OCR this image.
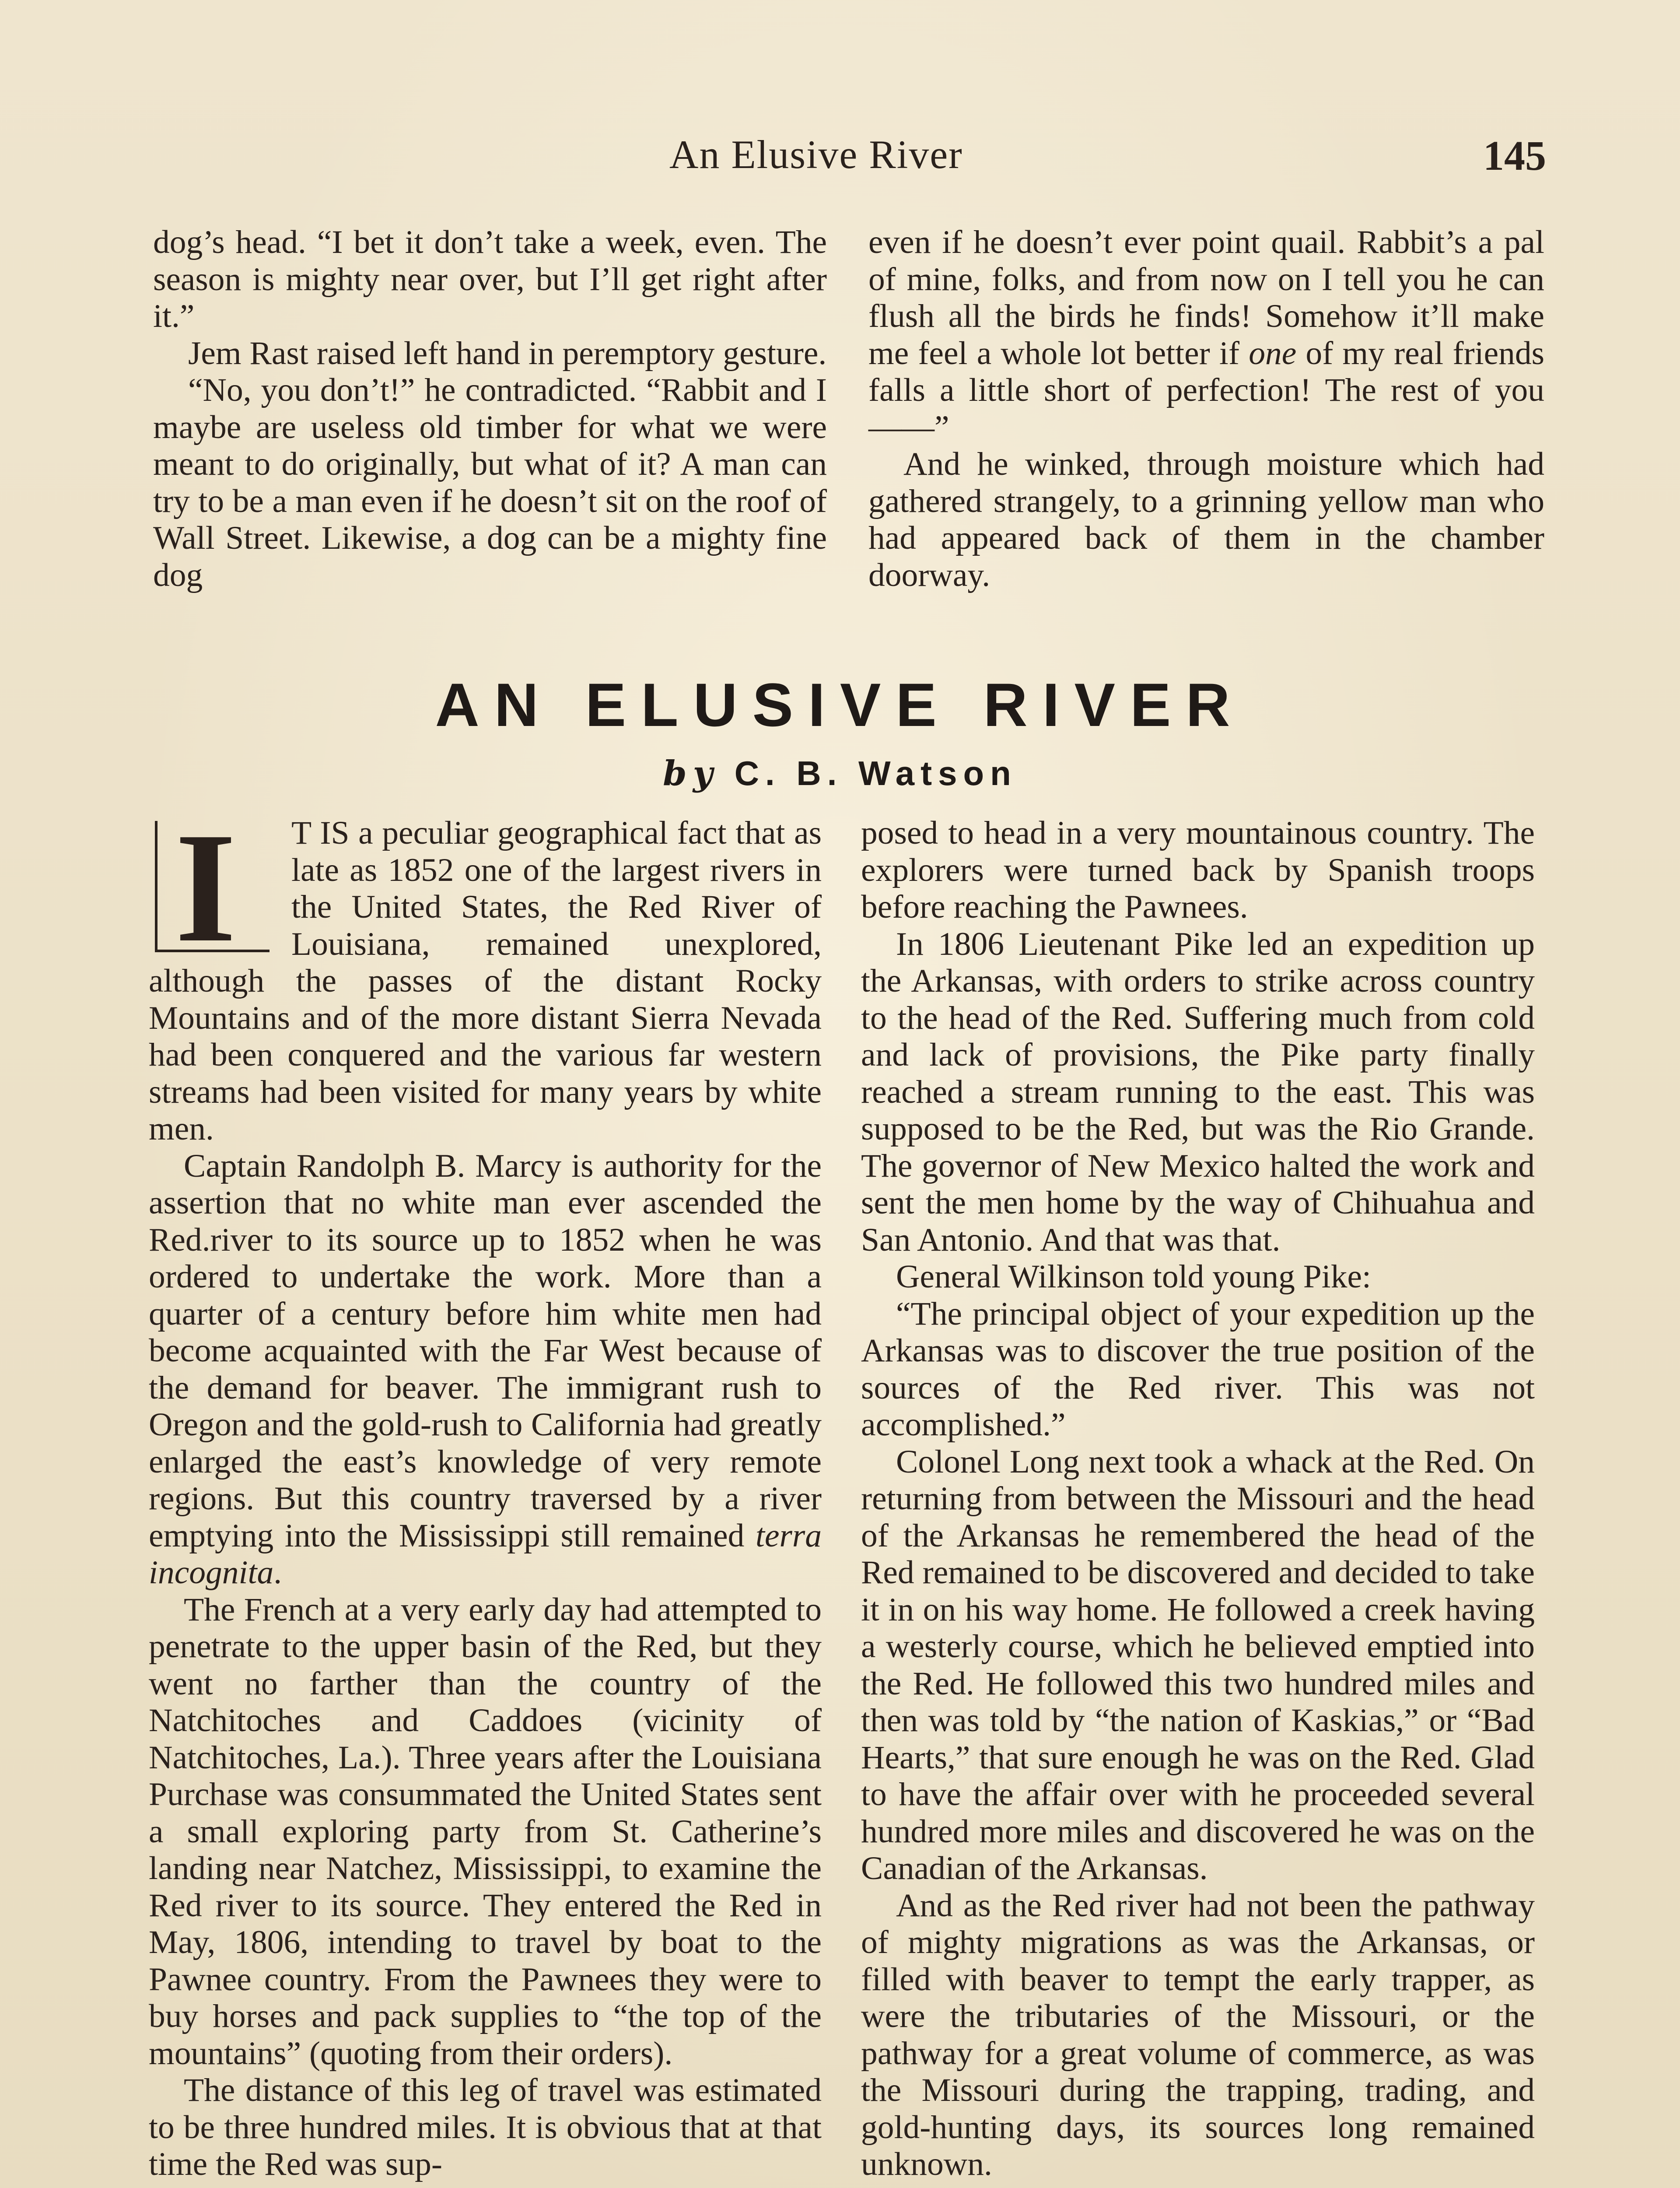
An Elusive River	145

dog’s head. “I bet it don’t take a week, even. The season is mighty near over, but I’ll get right after it.”

Jem Rast raised left hand in peremptory gesture.

“No, you don’t!” he contradicted. “Rabbit and I maybe are useless old timber for what we were meant to do originally, but what of it? A man can try to be a man even if he doesn’t sit on the roof of Wall Street. Likewise, a dog can be a mighty fine dog

even if he doesn’t ever point quail. Rabbit’s a pal of mine, folks, and from now on I tell you he can flush all the birds he finds! Somehow it’ll make me feel a whole lot better if one of my real friends falls a little short of perfection! The rest of you——”

And he winked, through moisture which had gathered strangely, to a grinning yellow man who had appeared back of them in the chamber doorway.

AN ELUSIVE RIVER
by C. B. Watson
I	T IS a peculiar geographical fact that as late as 1852 one of the largest rivers in the United States, the Red River of Louisiana, remained unexplored, although the passes of the distant Rocky Mountains and of the more distant Sierra Nevada had been conquered and the various far western streams had been visited for many years by white men.

Captain Randolph B. Marcy is authority for the assertion that no white man ever ascended the Red.river to its source up to 1852 when he was ordered to undertake the work. More than a quarter of a century before him white men had become acquainted with the Far West because of the demand for beaver. The immigrant rush to Oregon and the gold-rush to California had greatly enlarged the east’s knowledge of very remote regions. But this country traversed by a river emptying into the Mississippi still remained terra incognita.

The French at a very early day had attempted to penetrate to the upper basin of the Red, but they went no farther than the country of the Natchitoches and Caddoes (vicinity of Natchitoches, La.). Three years after the Louisiana Purchase was consummated the United States sent a small exploring party from St. Catherine’s landing near Natchez, Mississippi, to examine the Red river to its source. They entered the Red in May, 1806, intending to travel by boat to the Pawnee country. From the Pawnees they were to buy horses and pack supplies to “the top of the mountains” (quoting from their orders).

The distance of this leg of travel was estimated to be three hundred miles. It is obvious that at that time the Red was sup-

posed to head in a very mountainous country. The explorers were turned back by Spanish troops before reaching the Pawnees.

In 1806 Lieutenant Pike led an expedition up the Arkansas, with orders to strike across country to the head of the Red. Suffering much from cold and lack of provisions, the Pike party finally reached a stream running to the east. This was supposed to be the Red, but was the Rio Grande. The governor of New Mexico halted the work and sent the men home by the way of Chihuahua and San Antonio. And that was that.

General Wilkinson told young Pike:

“The principal object of your expedition up the Arkansas was to discover the true position of the sources of the Red river. This was not accomplished.”

Colonel Long next took a whack at the Red. On returning from between the Missouri and the head of the Arkansas he remembered the head of the Red remained to be discovered and decided to take it in on his way home. He followed a creek having a westerly course, which he believed emptied into the Red. He followed this two hundred miles and then was told by “the nation of Kaskias,” or “Bad Hearts,” that sure enough he was on the Red. Glad to have the affair over with he proceeded several hundred more miles and discovered he was on the Canadian of the Arkansas.

And as the Red river had not been the pathway of mighty migrations as was the Arkansas, or filled with beaver to tempt the early trapper, as were the tributaries of the Missouri, or the pathway for a great volume of commerce, as was the Missouri during the trapping, trading, and gold-hunting days, its sources long remained unknown.
